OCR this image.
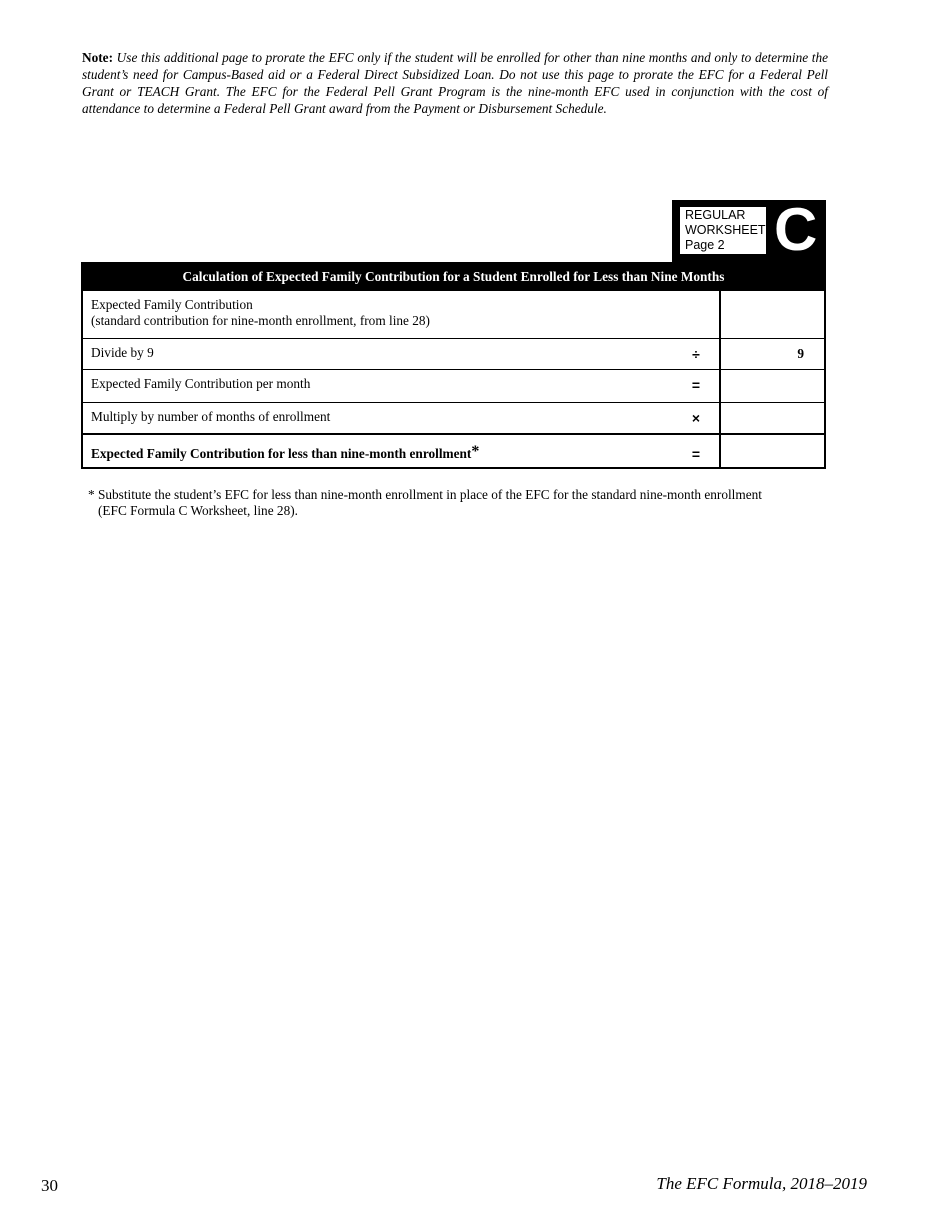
Note: Use this additional page to prorate the EFC only if the student will be enrolled for other than nine months and only to determine the student’s need for Campus-Based aid or a Federal Direct Subsidized Loan. Do not use this page to prorate the EFC for a Federal Pell Grant or TEACH Grant. The EFC for the Federal Pell Grant Program is the nine-month EFC used in conjunction with the cost of attendance to determine a Federal Pell Grant award from the Payment or Disbursement Schedule.
REGULAR
WORKSHEET
Page 2 C
Calculation of Expected Family Contribution for a Student Enrolled for Less than Nine Months
Expected Family Contribution
(standard contribution for nine-month enrollment, from line 28)
Divide by 9	÷	9
Expected Family Contribution per month	=
Multiply by number of months of enrollment	×
Expected Family Contribution for less than nine-month enrollment*	=
* Substitute the student’s EFC for less than nine-month enrollment in place of the EFC for the standard nine-month enrollment
(EFC Formula C Worksheet, line 28).
30	The EFC Formula, 2018–2019
